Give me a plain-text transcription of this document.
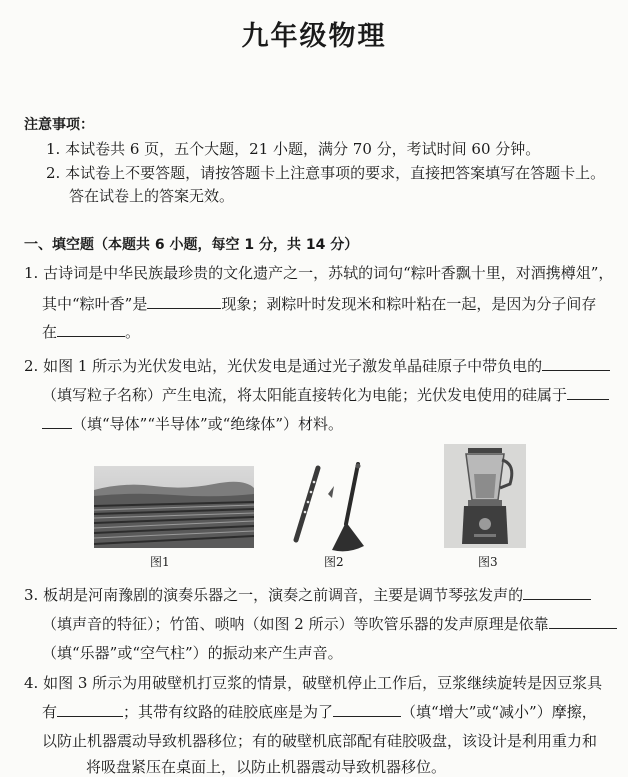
九年级物理
注意事项：
1. 本试卷共 6 页，五个大题，21 小题，满分 70 分，考试时间 60 分钟。
2. 本试卷上不要答题，请按答题卡上注意事项的要求，直接把答案填写在答题卡上。
答在试卷上的答案无效。
一、填空题（本题共 6 小题，每空 1 分，共 14 分）
1. 古诗词是中华民族最珍贵的文化遗产之一，苏轼的词句“粽叶香飘十里，对酒携樽俎”，
其中“粽叶香”是	现象；剥粽叶时发现米和粽叶粘在一起，是因为分子间存
在	。
2. 如图 1 所示为光伏发电站，光伏发电是通过光子激发单晶硅原子中带负电的
（填写粒子名称）产生电流，将太阳能直接转化为电能；光伏发电使用的硅属于
（填“导体”“半导体”或“绝缘体”）材料。
图1	图2	图3
3. 板胡是河南豫剧的演奏乐器之一，演奏之前调音，主要是调节琴弦发声的
（填声音的特征）；竹笛、唢呐（如图 2 所示）等吹管乐器的发声原理是依靠
（填“乐器”或“空气柱”）的振动来产生声音。
4. 如图 3 所示为用破壁机打豆浆的情景，破壁机停止工作后，豆浆继续旋转是因豆浆具
有	；其带有纹路的硅胶底座是为了	（填“增大”或“减小”）摩擦，
以防止机器震动导致机器移位；有的破壁机底部配有硅胶吸盘，该设计是利用重力和
将吸盘紧压在桌面上，以防止机器震动导致机器移位。
